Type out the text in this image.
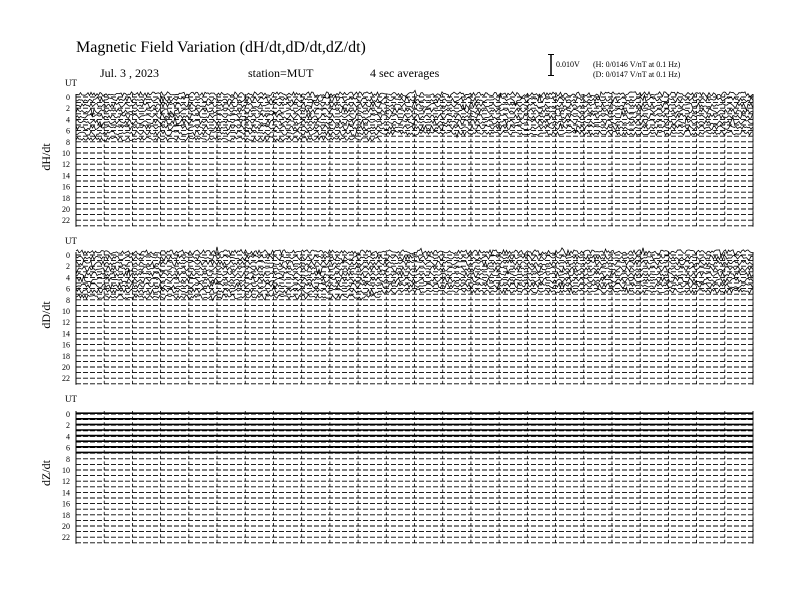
Magnetic Field Variation (dH/dt,dD/dt,dZ/dt)
Jul. 3 , 2023	station=MUT	4 sec averages
0.010V (H: 0/0146 V/nT at 0.1 Hz)
(D: 0/0147 V/nT at 0.1 Hz)
UT
dH/dt
0
2
4
6
8
10
12
14
16
18
20
22
UT
dD/dt
0
2
4
6
8
10
12
14
16
18
20
22
UT
dZ/dt
0
2
4
6
8
10
12
14
16
18
20
22
